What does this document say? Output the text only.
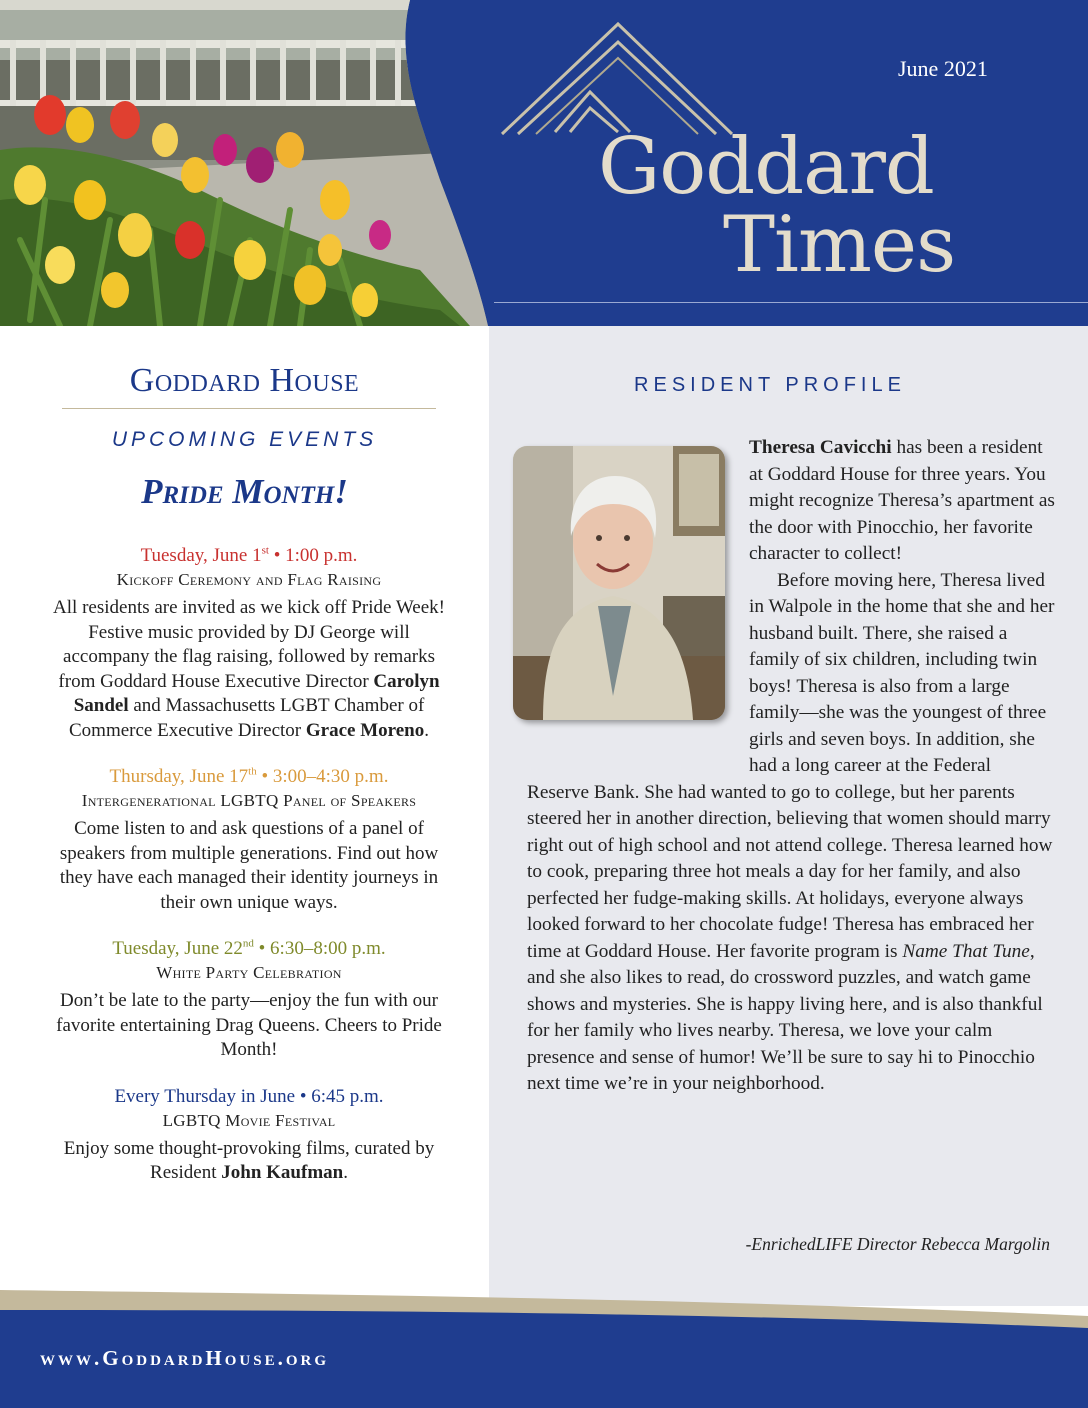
June 2021
Goddard
Times
Goddard House
UPCOMING EVENTS
Pride Month!
Tuesday, June 1st • 1:00 p.m.
Kickoff Ceremony and Flag Raising
All residents are invited as we kick off Pride Week! Festive music provided by DJ George will accompany the flag raising, followed by remarks from Goddard House Executive Director Carolyn Sandel and Massachusetts LGBT Chamber of Commerce Executive Director Grace Moreno.
Thursday, June 17th • 3:00–4:30 p.m.
Intergenerational LGBTQ Panel of Speakers
Come listen to and ask questions of a panel of speakers from multiple generations. Find out how they have each managed their identity journeys in their own unique ways.
Tuesday, June 22nd • 6:30–8:00 p.m.
White Party Celebration
Don’t be late to the party—enjoy the fun with our favorite entertaining Drag Queens. Cheers to Pride Month!
Every Thursday in June • 6:45 p.m.
LGBTQ Movie Festival
Enjoy some thought-provoking films, curated by Resident John Kaufman.
RESIDENT PROFILE

Theresa Cavicchi has been a resident at Goddard House for three years. You might recognize Theresa’s apartment as the door with Pinocchio, her favorite character to collect!

Before moving here, Theresa lived in Walpole in the home that she and her husband built. There, she raised a family of six children, including twin boys! Theresa is also from a large family—she was the youngest of three girls and seven boys. In addition, she had a long career at the Federal Reserve Bank. She had wanted to go to college, but her parents steered her in another direction, believing that women should marry right out of high school and not attend college. Theresa learned how to cook, preparing three hot meals a day for her family, and also perfected her fudge-making skills. At holidays, everyone always looked forward to her chocolate fudge! Theresa has embraced her time at Goddard House. Her favorite program is Name That Tune, and she also likes to read, do crossword puzzles, and watch game shows and mysteries. She is happy living here, and is also thankful for her family who lives nearby. Theresa, we love your calm presence and sense of humor! We’ll be sure to say hi to Pinocchio next time we’re in your neighborhood.

-EnrichedLIFE Director Rebecca Margolin
www.GoddardHouse.org
